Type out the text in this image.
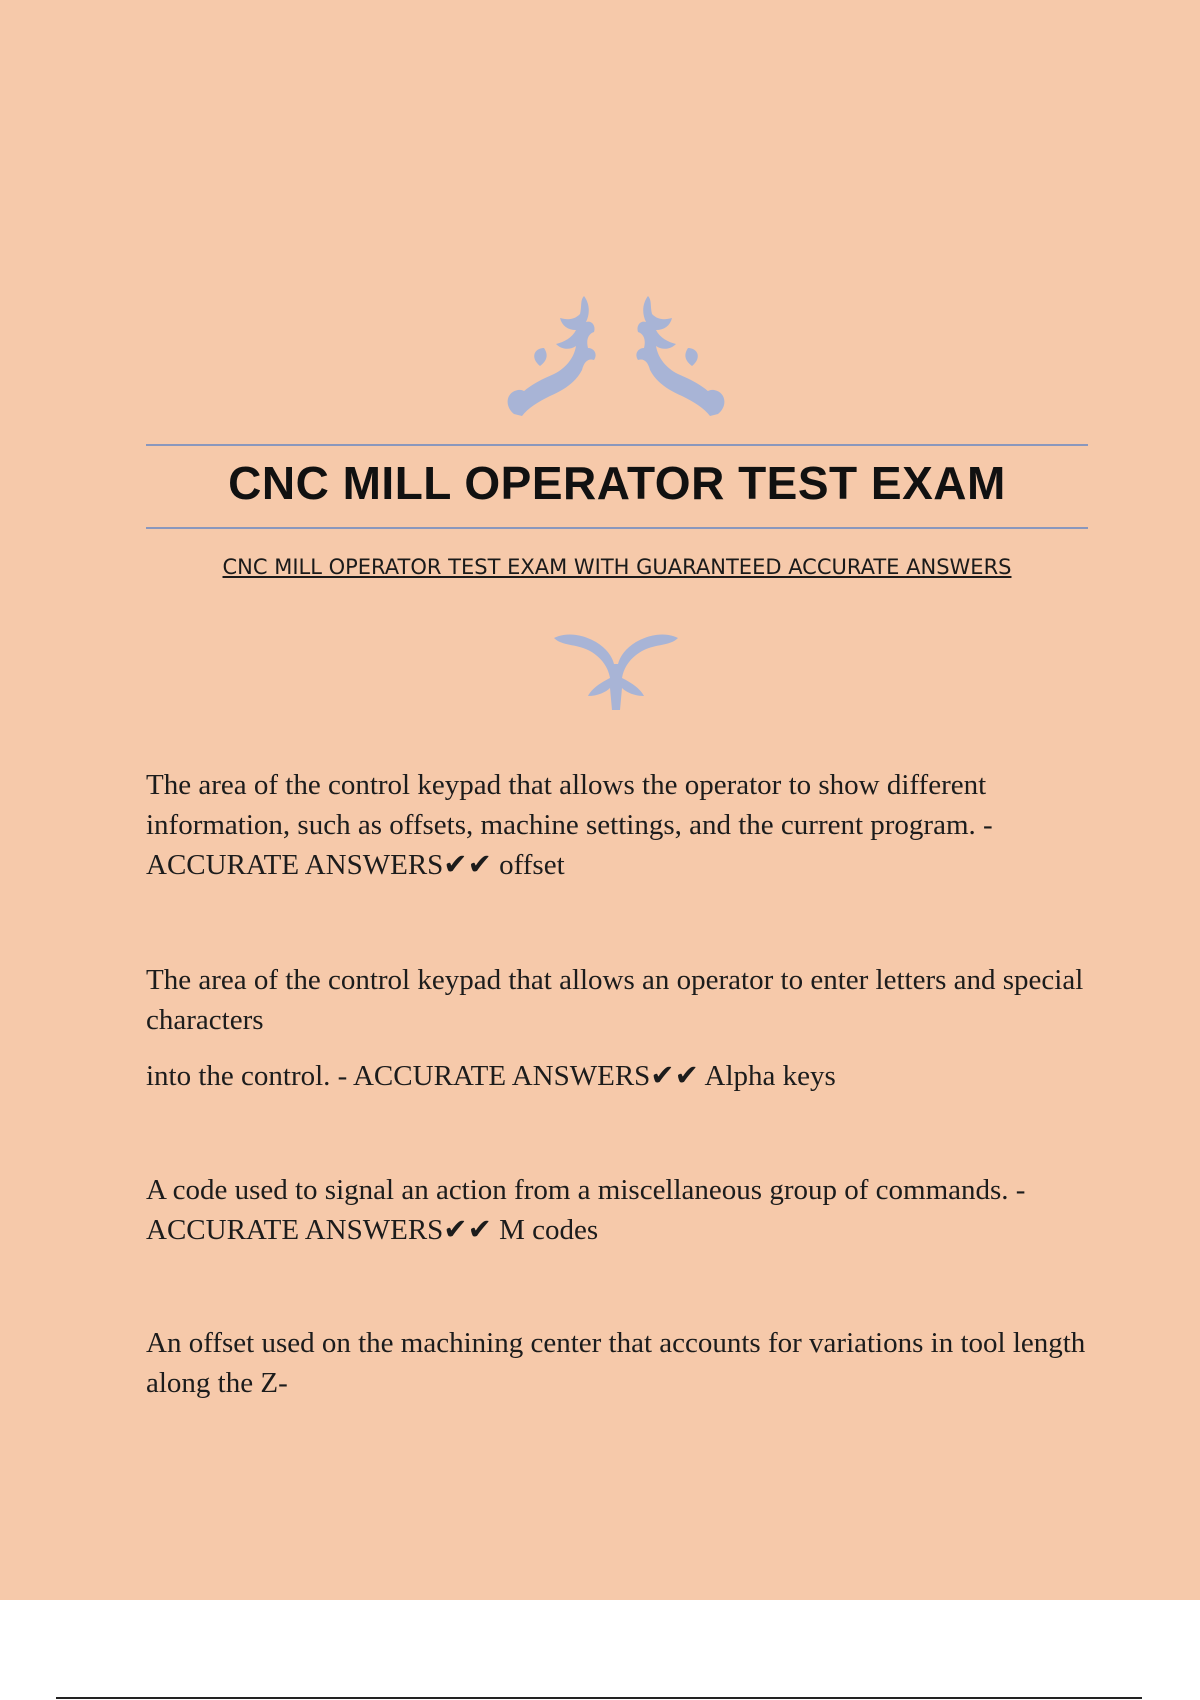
CNC MILL OPERATOR TEST EXAM

CNC MILL OPERATOR TEST EXAM WITH GUARANTEED ACCURATE ANSWERS

The area of the control keypad that allows the operator to show different information, such as offsets, machine settings, and the current program. - ACCURATE ANSWERS✔✔ offset

The area of the control keypad that allows an operator to enter letters and special characters

into the control. - ACCURATE ANSWERS✔✔ Alpha keys

A code used to signal an action from a miscellaneous group of commands. - ACCURATE ANSWERS✔✔ M codes

An offset used on the machining center that accounts for variations in tool length along the Z-
